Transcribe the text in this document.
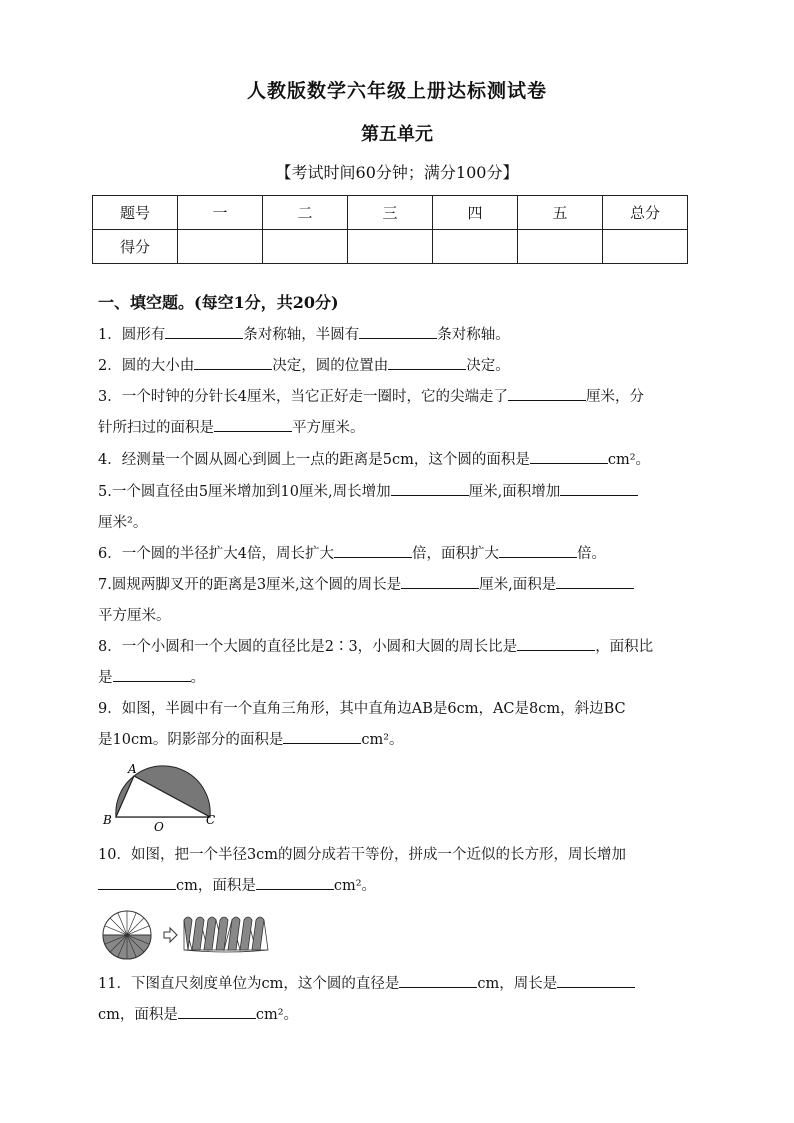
人教版数学六年级上册达标测试卷
第五单元
【考试时间60分钟；满分100分】
题号	一	二	三	四	五	总分
得分						
一、填空题。(每空1分，共20分)
1．圆形有	条对称轴，半圆有	条对称轴。
2．圆的大小由	决定，圆的位置由	决定。
3．一个时钟的分针长4厘米，当它正好走一圈时，它的尖端走了	厘米，分
针所扫过的面积是	平方厘米。
4．经测量一个圆从圆心到圆上一点的距离是5cm，这个圆的面积是	cm²。
5.一个圆直径由5厘米增加到10厘米,周长增加	厘米,面积增加
厘米²。
6．一个圆的半径扩大4倍，周长扩大	倍，面积扩大	倍。
7.圆规两脚叉开的距离是3厘米,这个圆的周长是	厘米,面积是
平方厘米。
8．一个小圆和一个大圆的直径比是2∶3，小圆和大圆的周长比是	，面积比
是	。
9．如图，半圆中有一个直角三角形，其中直角边AB是6cm，AC是8cm，斜边BC
是10cm。阴影部分的面积是	cm²。
A
B	O	C
10．如图，把一个半径3cm的圆分成若干等份，拼成一个近似的长方形，周长增加
cm，面积是	cm²。
11．下图直尺刻度单位为cm，这个圆的直径是	cm，周长是
cm，面积是	cm²。
